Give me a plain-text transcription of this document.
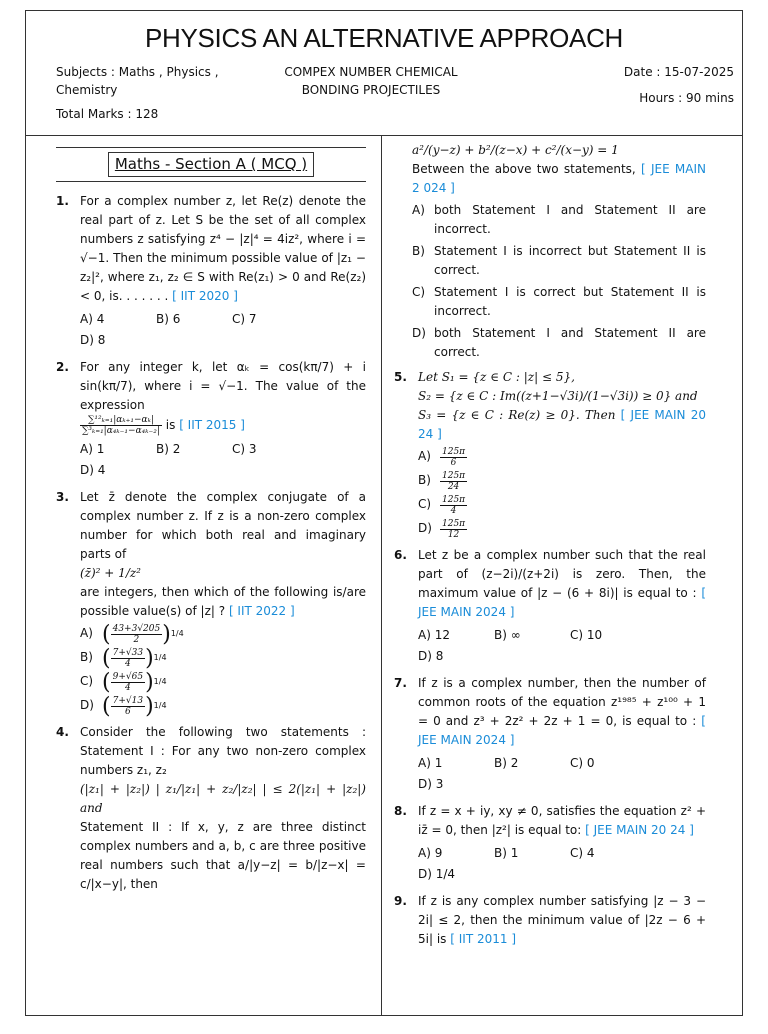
PHYSICS AN ALTERNATIVE APPROACH
Subjects : Maths , Physics , Chemistry
COMPEX NUMBER CHEMICAL BONDING PROJECTILES
Date : 15-07-2025
Hours : 90 mins
Total Marks : 128
Maths - Section A ( MCQ )
1. For a complex number z, let Re(z) denote the real part of z. Let S be the set of all complex numbers z satisfying z⁴ − |z|⁴ = 4iz², where i = √−1. Then the minimum possible value of |z₁ − z₂|², where z₁, z₂ ∈ S with Re(z₁) > 0 and Re(z₂) < 0, is. . . . . . . [ IIT 2020 ]
A) 4	B) 6	C) 7
D) 8
2. For any integer k, let αₖ = cos(kπ/7) + i sin(kπ/7), where i = √−1. The value of the expression

$\frac{\text{∑¹²ₖ₌₁|αₖ₊₁−αₖ|}}{\text{∑³ₖ₌₁|α₄ₖ₋₁−α₄ₖ₋₂|}}$ is [ IIT 2015 ]
A) 1	B) 2	C) 3
D) 4
3. Let z̄ denote the complex conjugate of a complex number z. If z is a non-zero complex number for which both real and imaginary parts of
(z̄)² + 1/z²
are integers, then which of the following is/are possible value(s) of |z| ? [ IIT 2022 ]
A) ( $\frac{43+3√205}{2} )^{1/4}$
B) ( $\frac{7+√33}{4} )^{1/4}$
C) ( $\frac{9+√65}{4} )^{1/4}$
D) ( $\frac{7+√13}{6} )^{1/4}$
4. Consider the following two statements : Statement I : For any two non-zero complex numbers z₁, z₂
(|z₁| + |z₂|) | z₁/|z₁| + z₂/|z₂| | ≤ 2(|z₁| + |z₂|) and
Statement II : If x, y, z are three distinct complex numbers and a, b, c are three positive real numbers such that a/|y−z| = b/|z−x| = c/|x−y|, then
a²/(y−z) + b²/(z−x) + c²/(x−y) = 1
Between the above two statements, [ JEE MAIN 2 024 ]
A) both Statement I and Statement II are incorrect.
B) Statement I is incorrect but Statement II is correct.
C) Statement I is correct but Statement II is incorrect.
D) both Statement I and Statement II are correct.
5. Let S₁ = {z ∈ C : |z| ≤ 5},
S₂ = {z ∈ C : Im((z+1−√3i)/(1−√3i)) ≥ 0} and
S₃ = {z ∈ C : Re(z) ≥ 0}. Then [ JEE MAIN 20 24 ]
$A) \frac{125\pi}{6}$
$B) \frac{125\pi}{24}$
$C) \frac{125\pi}{4}$
$D) \frac{125\pi}{12}$
6. Let z be a complex number such that the real part of (z−2i)/(z+2i) is zero. Then, the maximum value of |z − (6 + 8i)| is equal to : [ JEE MAIN 2024 ]
A) 12	B) ∞	C) 10
D) 8
7. If z is a complex number, then the number of common roots of the equation z¹⁹⁸⁵ + z¹⁰⁰ + 1 = 0 and z³ + 2z² + 2z + 1 = 0, is equal to : [ JEE MAIN 2024 ]
A) 1	B) 2	C) 0
D) 3
8. If z = x + iy, xy ≠ 0, satisfies the equation z² + iz̄ = 0, then |z²| is equal to: [ JEE MAIN 20 24 ]
A) 9	B) 1	C) 4
D) 1/4
9. If z is any complex number satisfying |z − 3 − 2i| ≤ 2, then the minimum value of |2z − 6 + 5i| is [ IIT 2011 ]
